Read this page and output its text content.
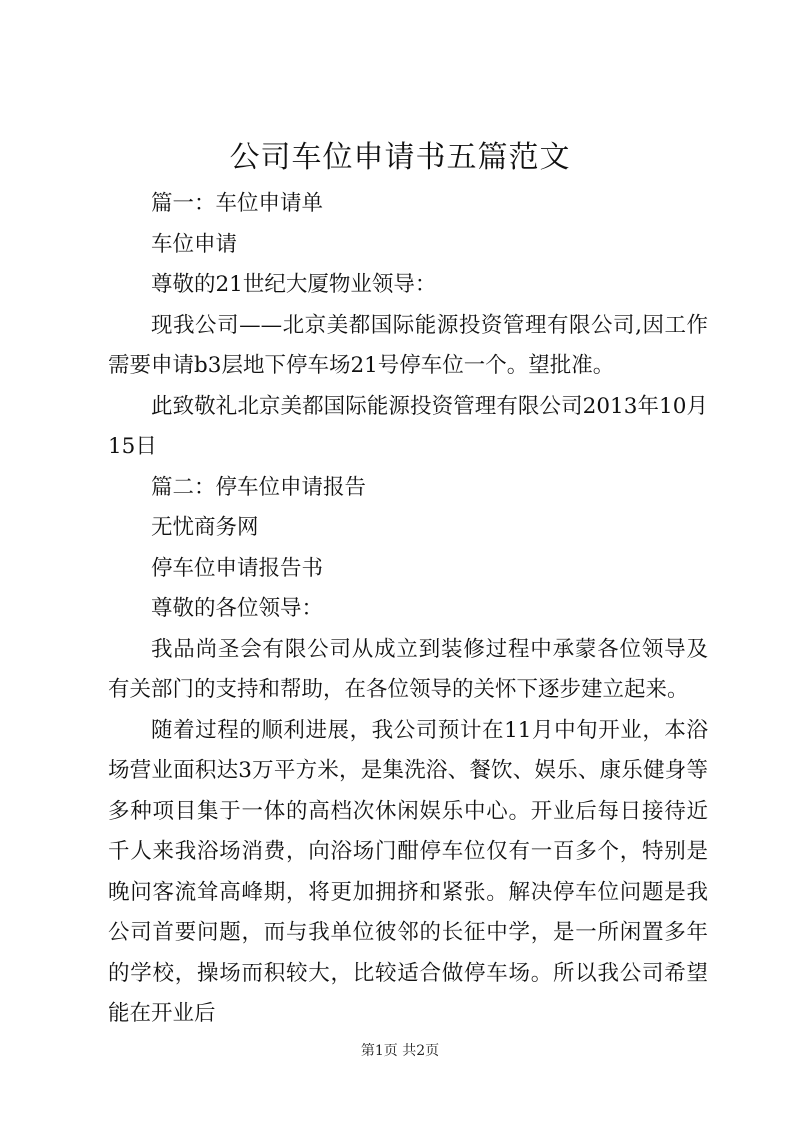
公司车位申请书五篇范文

篇一：车位申请单

车位申请

尊敬的21世纪大厦物业领导：

现我公司——北京美都国际能源投资管理有限公司,因工作需要申请b3层地下停车场21号停车位一个。望批准。

此致敬礼北京美都国际能源投资管理有限公司2013年10月15日

篇二：停车位申请报告

无忧商务网

停车位申请报告书

尊敬的各位领导：

我品尚圣会有限公司从成立到装修过程中承蒙各位领导及有关部门的支持和帮助，在各位领导的关怀下逐步建立起来。

随着过程的顺利进展，我公司预计在11月中旬开业，本浴场营业面积达3万平方米，是集洗浴、餐饮、娱乐、康乐健身等多种项目集于一体的高档次休闲娱乐中心。开业后每日接待近千人来我浴场消费，向浴场门酣停车位仅有一百多个，特别是晚问客流耸高峰期，将更加拥挤和紧张。解决停车位问题是我公司首要问题，而与我单位彼邻的长征中学，是一所闲置多年的学校，操场而积较大，比较适合做停车场。所以我公司希望能在开业后

第1页 共2页
